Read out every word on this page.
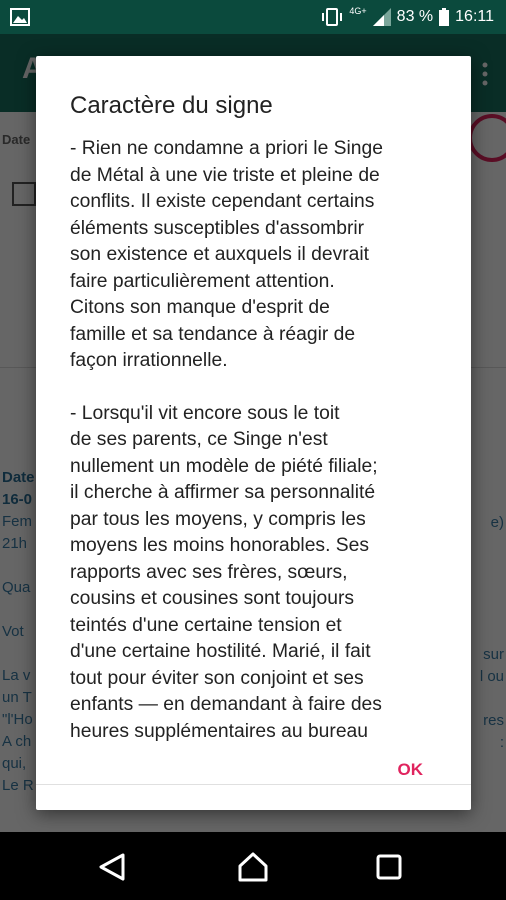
4G+ 83 % 16:11
Caractère du signe

- Rien ne condamne a priori le Singe
de Métal à une vie triste et pleine de
conflits. Il existe cependant certains
éléments susceptibles d'assombrir
son existence et auxquels il devrait
faire particulièrement attention.
Citons son manque d'esprit de
famille et sa tendance à réagir de
façon irrationnelle.

- Lorsqu'il vit encore sous le toit
de ses parents, ce Singe n'est
nullement un modèle de piété filiale;
il cherche à affirmer sa personnalité
par tous les moyens, y compris les
moyens les moins honorables. Ses
rapports avec ses frères, sœurs,
cousins et cousines sont toujours
teintés d'une certaine tension et
d'une certaine hostilité. Marié, il fait
tout pour éviter son conjoint et ses
enfants — en demandant à faire des
heures supplémentaires au bureau

OK
